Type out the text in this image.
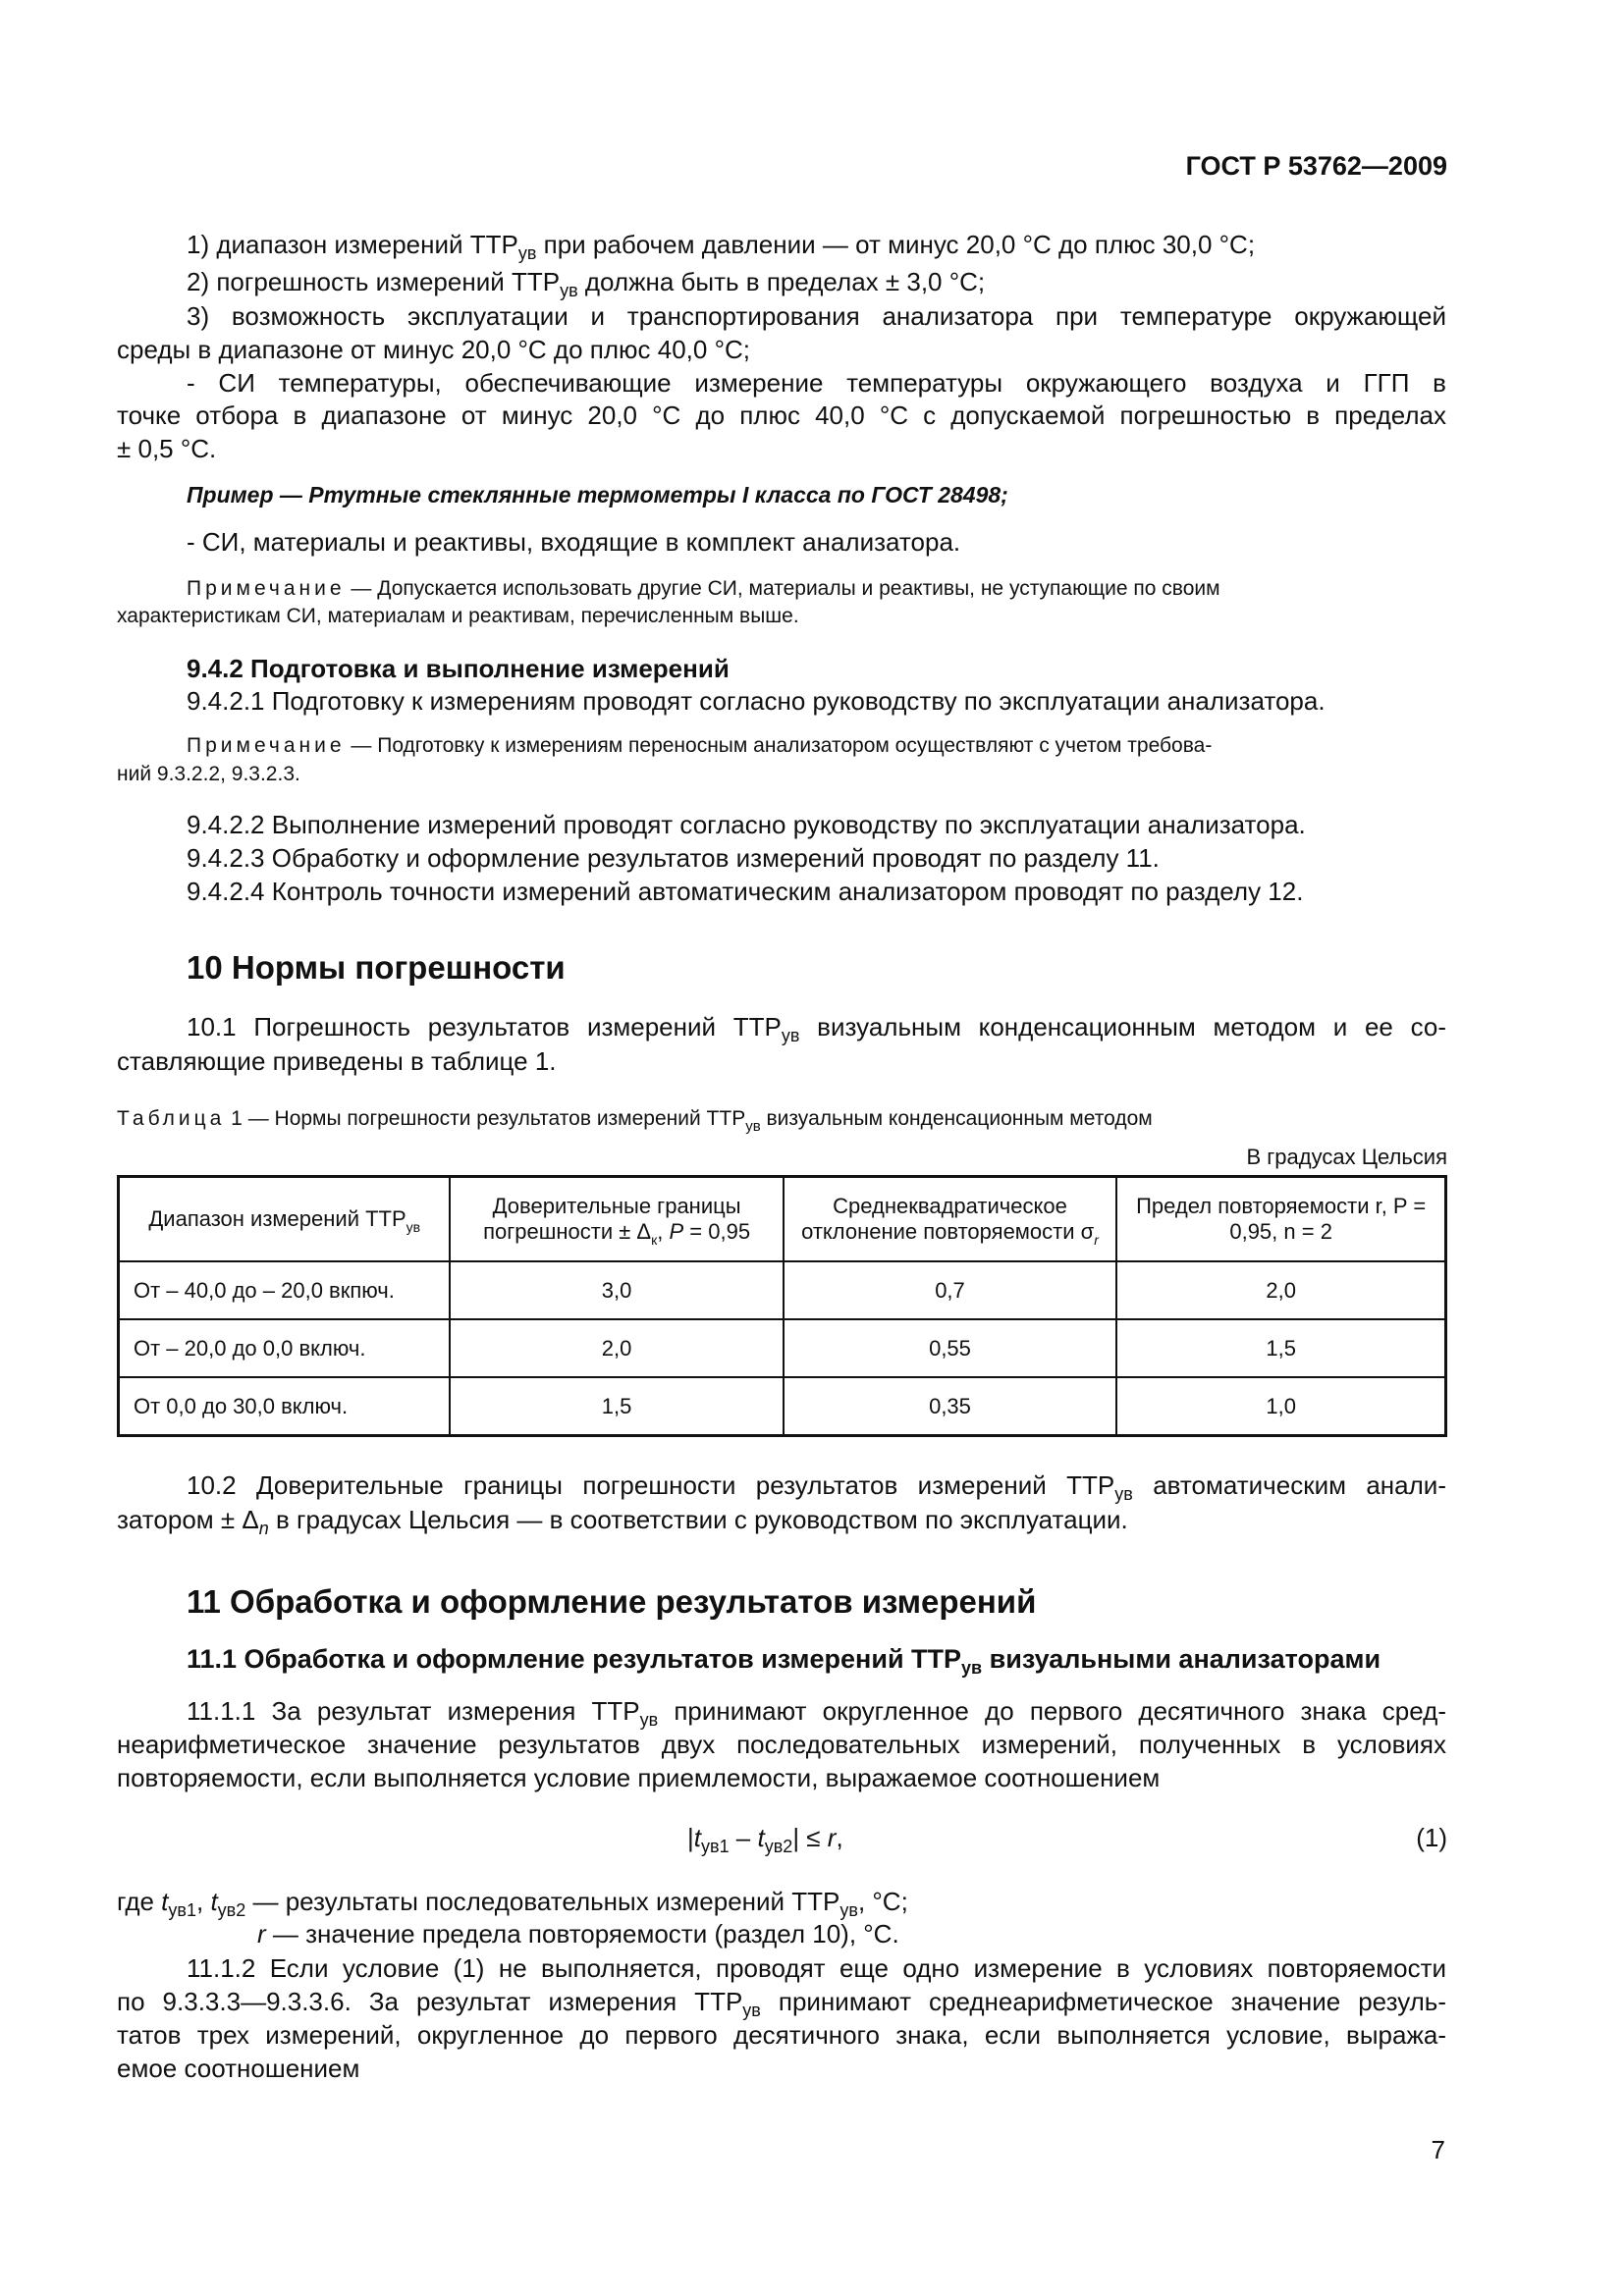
ГОСТ Р 53762—2009
1) диапазон измерений $ТТР_{ув}$ при рабочем давлении — от минус 20,0 °С до плюс 30,0 °С;
2) погрешность измерений $ТТР_{ув}$ должна быть в пределах ± 3,0 °С;
3) возможность эксплуатации и транспортирования анализатора при температуре окружающей
среды в диапазоне от минус 20,0 °С до плюс 40,0 °С;
- СИ температуры, обеспечивающие измерение температуры окружающего воздуха и ГГП в
точке отбора в диапазоне от минус 20,0 °С до плюс 40,0 °С с допускаемой погрешностью в пределах
± 0,5 °С.
Пример — Ртутные стеклянные термометры I класса по ГОСТ 28498;
- СИ, материалы и реактивы, входящие в комплект анализатора.
Примечание — Допускается использовать другие СИ, материалы и реактивы, не уступающие по своим
характеристикам СИ, материалам и реактивам, перечисленным выше.
9.4.2 Подготовка и выполнение измерений
9.4.2.1 Подготовку к измерениям проводят согласно руководству по эксплуатации анализатора.
Примечание — Подготовку к измерениям переносным анализатором осуществляют с учетом требова-
ний 9.3.2.2, 9.3.2.3.
9.4.2.2 Выполнение измерений проводят согласно руководству по эксплуатации анализатора.
9.4.2.3 Обработку и оформление результатов измерений проводят по разделу 11.
9.4.2.4 Контроль точности измерений автоматическим анализатором проводят по разделу 12.
10 Нормы погрешности
10.1 Погрешность результатов измерений $ТТР_{ув}$ визуальным конденсационным методом и ее со-
ставляющие приведены в таблице 1.
Таблица 1 — Нормы погрешности результатов измерений $ТТР_{ув}$ визуальным конденсационным методом
В градусах Цельсия
Диапазон измерений $ТТР_{ув}$	Доверительные границы погрешности ± $\Delta_к$, P = 0,95	Среднеквадратическое отклонение повторяемости $\sigma_r$	Предел повторяемости r, P = 0,95, n = 2
От – 40,0 до – 20,0 вкпюч.	3,0	0,7	2,0
От – 20,0 до 0,0 включ.	2,0	0,55	1,5
От 0,0 до 30,0 включ.	1,5	0,35	1,0
10.2 Доверительные границы погрешности результатов измерений $ТТР_{ув}$ автоматическим анали-
затором ± $\Delta_n$ в градусах Цельсия — в соответствии с руководством по эксплуатации.
11 Обработка и оформление результатов измерений
11.1 Обработка и оформление результатов измерений $ТТР_{ув}$ визуальными анализаторами
11.1.1 За результат измерения $ТТР_{ув}$ принимают округленное до первого десятичного знака сред-
неарифметическое значение результатов двух последовательных измерений, полученных в условиях
повторяемости, если выполняется условие приемлемости, выражаемое соотношением
$|t_{ув1} - t_{ув2}| \le r$,	(1)
где $t_{ув1}$, $t_{ув2}$ — результаты последовательных измерений $ТТР_{ув}$, °С;
r — значение предела повторяемости (раздел 10), °С.
11.1.2 Если условие (1) не выполняется, проводят еще одно измерение в условиях повторяемости
по 9.3.3.3—9.3.3.6. За результат измерения $ТТР_{ув}$ принимают среднеарифметическое значение резуль-
татов трех измерений, округленное до первого десятичного знака, если выполняется условие, выража-
емое соотношением
7
